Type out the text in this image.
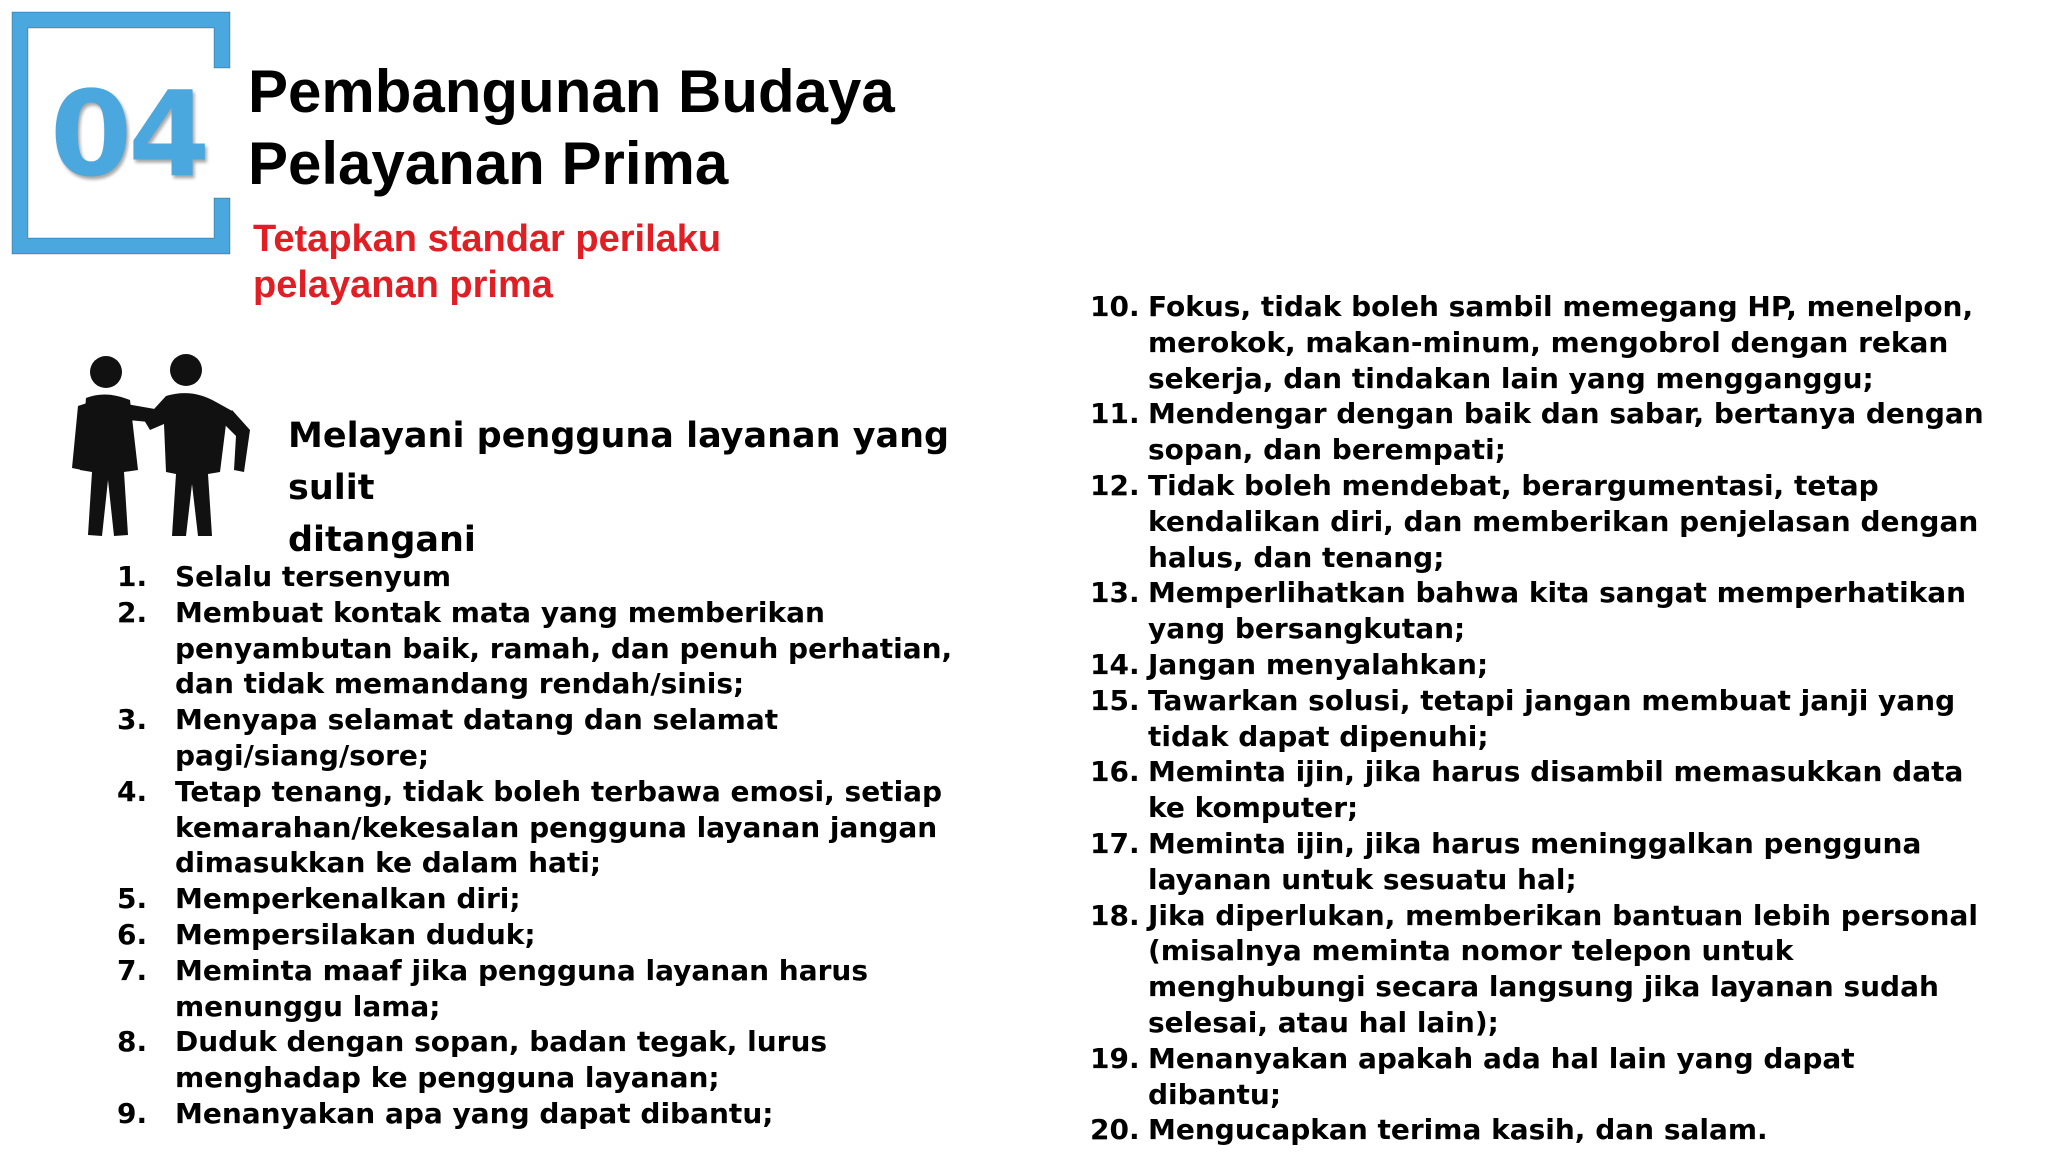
04 Pembangunan Budaya
Pelayanan Prima
Tetapkan standar perilaku
pelayanan prima
Melayani pengguna layanan yang sulit
ditangani
1. Selalu tersenyum
2. Membuat kontak mata yang memberikan penyambutan baik, ramah, dan penuh perhatian, dan tidak memandang rendah/sinis;
3. Menyapa selamat datang dan selamat pagi/siang/sore;
4. Tetap tenang, tidak boleh terbawa emosi, setiap kemarahan/kekesalan pengguna layanan jangan dimasukkan ke dalam hati;
5. Memperkenalkan diri;
6. Mempersilakan duduk;
7. Meminta maaf jika pengguna layanan harus menunggu lama;
8. Duduk dengan sopan, badan tegak, lurus menghadap ke pengguna layanan;
9. Menanyakan apa yang dapat dibantu;
10. Fokus, tidak boleh sambil memegang HP, menelpon, merokok, makan-minum, mengobrol dengan rekan sekerja, dan tindakan lain yang mengganggu;
11. Mendengar dengan baik dan sabar, bertanya dengan sopan, dan berempati;
12. Tidak boleh mendebat, berargumentasi, tetap kendalikan diri, dan memberikan penjelasan dengan halus, dan tenang;
13. Memperlihatkan bahwa kita sangat memperhatikan yang bersangkutan;
14. Jangan menyalahkan;
15. Tawarkan solusi, tetapi jangan membuat janji yang tidak dapat dipenuhi;
16. Meminta ijin, jika harus disambil memasukkan data ke komputer;
17. Meminta ijin, jika harus meninggalkan pengguna layanan untuk sesuatu hal;
18. Jika diperlukan, memberikan bantuan lebih personal (misalnya meminta nomor telepon untuk menghubungi secara langsung jika layanan sudah selesai, atau hal lain);
19. Menanyakan apakah ada hal lain yang dapat dibantu;
20. Mengucapkan terima kasih, dan salam.
